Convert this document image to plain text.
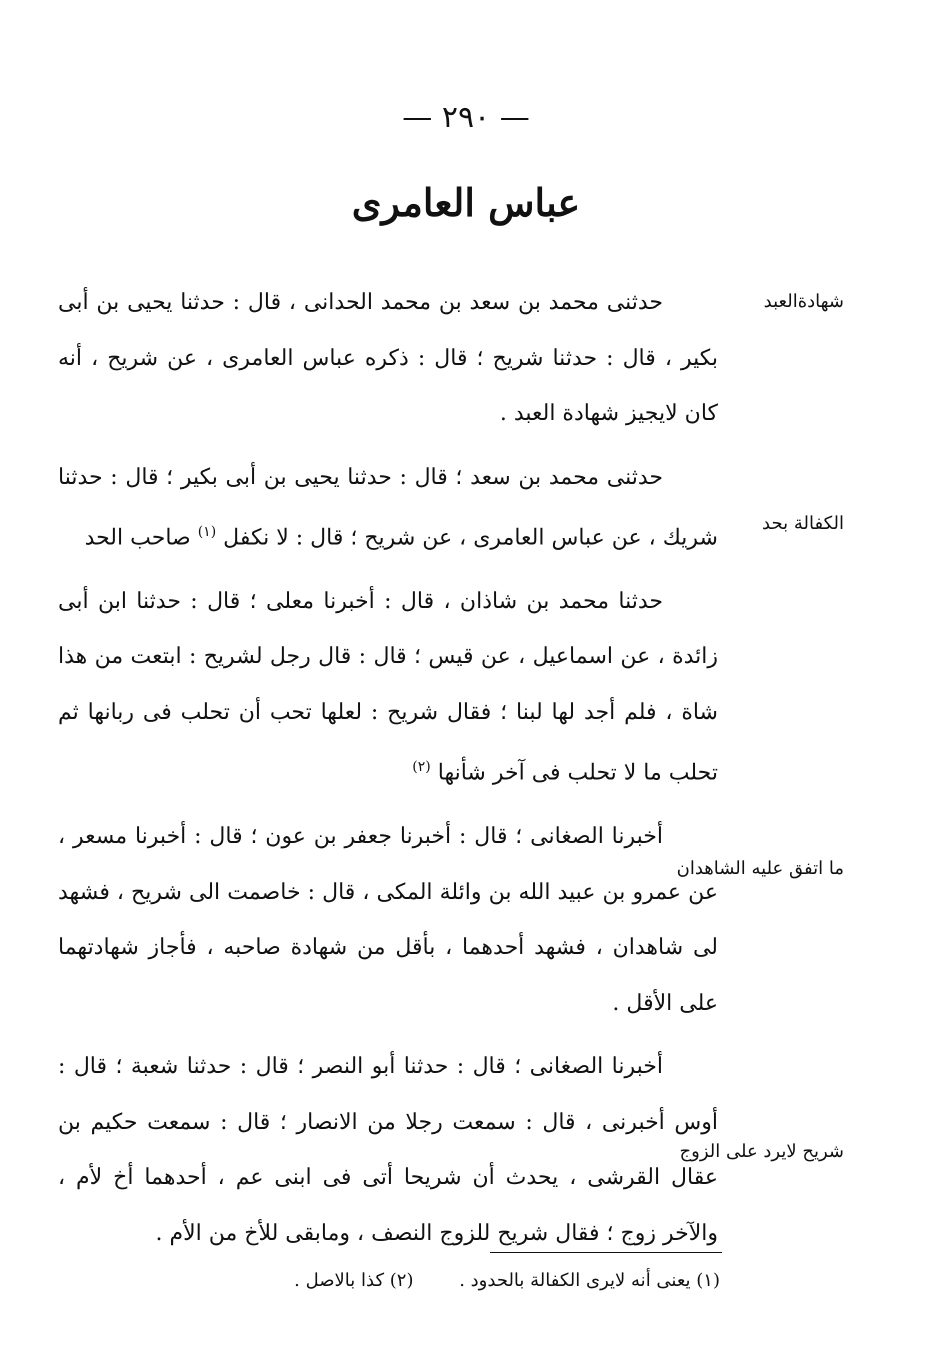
— ٢٩٠ —
عباس العامرى

حدثنى محمد بن سعد بن محمد الحدانى ، قال : حدثنا يحيى بن أبى بكير ، قال : حدثنا شريح ؛ قال : ذكره عباس العامرى ، عن شريح ، أنه كان لايجيز شهادة العبد .

حدثنى محمد بن سعد ؛ قال : حدثنا يحيى بن أبى بكير ؛ قال : حدثنا شريك ، عن عباس العامرى ، عن شريح ؛ قال : لا نكفل $^{(١)}$ صاحب الحد

حدثنا محمد بن شاذان ، قال : أخبرنا معلى ؛ قال : حدثنا ابن أبى زائدة ، عن اسماعيل ، عن قيس ؛ قال : قال رجل لشريح : ابتعت من هذا شاة ، فلم أجد لها لبنا ؛ فقال شريح : لعلها تحب أن تحلب فى ربانها ثم تحلب ما لا تحلب فى آخر شأنها $^{(٢)}$

أخبرنا الصغانى ؛ قال : أخبرنا جعفر بن عون ؛ قال : أخبرنا مسعر ، عن عمرو بن عبيد الله بن وائلة المكى ، قال : خاصمت الى شريح ، فشهد لى شاهدان ، فشهد أحدهما ، بأقل من شهادة صاحبه ، فأجاز شهادتهما على الأقل .

أخبرنا الصغانى ؛ قال : حدثنا أبو النصر ؛ قال : حدثنا شعبة ؛ قال : أوس أخبرنى ، قال : سمعت رجلا من الانصار ؛ قال : سمعت حكيم بن عقال القرشى ، يحدث أن شريحا أتى فى ابنى عم ، أحدهما أخ لأم ، والآخر زوج ؛ فقال شريح للزوج النصف ، ومابقى للأخ من الأم .

شهادةالعبد
الكفالة بحد
ما اتفق عليه الشاهدان
شريح لايرد على الزوج
(١) يعنى أنه لايرى الكفالة بالحدود . (٢) كذا بالاصل .
